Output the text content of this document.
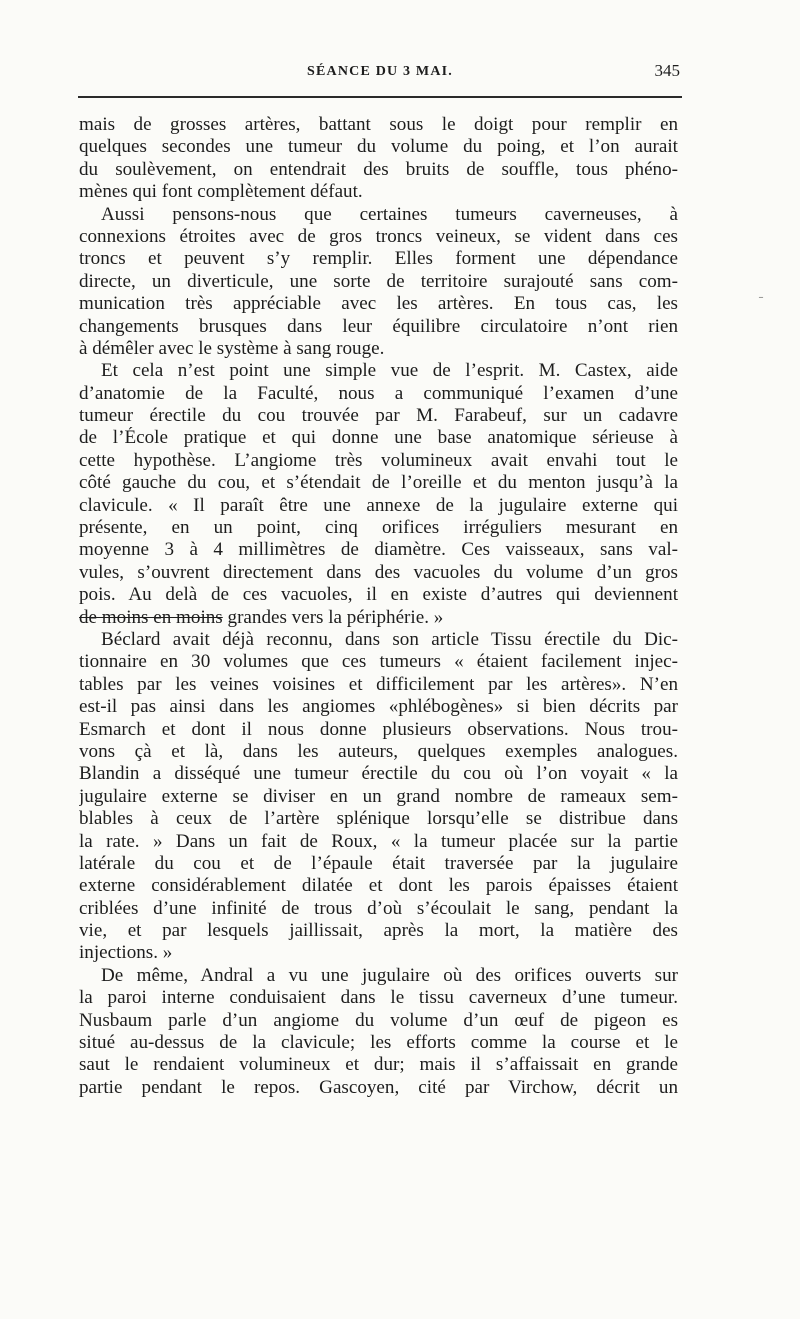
SÉANCE DU 3 MAI.	345
–
mais de grosses artères, battant sous le doigt pour remplir en
quelques secondes une tumeur du volume du poing, et l’on aurait
du soulèvement, on entendrait des bruits de souffle, tous phéno-
mènes qui font complètement défaut.
Aussi pensons-nous que certaines tumeurs caverneuses, à
connexions étroites avec de gros troncs veineux, se vident dans ces
troncs et peuvent s’y remplir. Elles forment une dépendance
directe, un diverticule, une sorte de territoire surajouté sans com-
munication très appréciable avec les artères. En tous cas, les
changements brusques dans leur équilibre circulatoire n’ont rien
à démêler avec le système à sang rouge.
Et cela n’est point une simple vue de l’esprit. M. Castex, aide
d’anatomie de la Faculté, nous a communiqué l’examen d’une
tumeur érectile du cou trouvée par M. Farabeuf, sur un cadavre
de l’École pratique et qui donne une base anatomique sérieuse à
cette hypothèse. L’angiome très volumineux avait envahi tout le
côté gauche du cou, et s’étendait de l’oreille et du menton jusqu’à la
clavicule. « Il paraît être une annexe de la jugulaire externe qui
présente, en un point, cinq orifices irréguliers mesurant en
moyenne 3 à 4 millimètres de diamètre. Ces vaisseaux, sans val-
vules, s’ouvrent directement dans des vacuoles du volume d’un gros
pois. Au delà de ces vacuoles, il en existe d’autres qui deviennent
de moins en moins grandes vers la périphérie. »
Béclard avait déjà reconnu, dans son article Tissu érectile du Dic-
tionnaire en 30 volumes que ces tumeurs « étaient facilement injec-
tables par les veines voisines et difficilement par les artères». N’en
est-il pas ainsi dans les angiomes «phlébogènes» si bien décrits par
Esmarch et dont il nous donne plusieurs observations. Nous trou-
vons çà et là, dans les auteurs, quelques exemples analogues.
Blandin a disséqué une tumeur érectile du cou où l’on voyait « la
jugulaire externe se diviser en un grand nombre de rameaux sem-
blables à ceux de l’artère splénique lorsqu’elle se distribue dans
la rate. » Dans un fait de Roux, « la tumeur placée sur la partie
latérale du cou et de l’épaule était traversée par la jugulaire
externe considérablement dilatée et dont les parois épaisses étaient
criblées d’une infinité de trous d’où s’écoulait le sang, pendant la
vie, et par lesquels jaillissait, après la mort, la matière des
injections. »
De même, Andral a vu une jugulaire où des orifices ouverts sur
la paroi interne conduisaient dans le tissu caverneux d’une tumeur.
Nusbaum parle d’un angiome du volume d’un œuf de pigeon es
situé au-dessus de la clavicule; les efforts comme la course et le
saut le rendaient volumineux et dur; mais il s’affaissait en grande
partie pendant le repos. Gascoyen, cité par Virchow, décrit un
